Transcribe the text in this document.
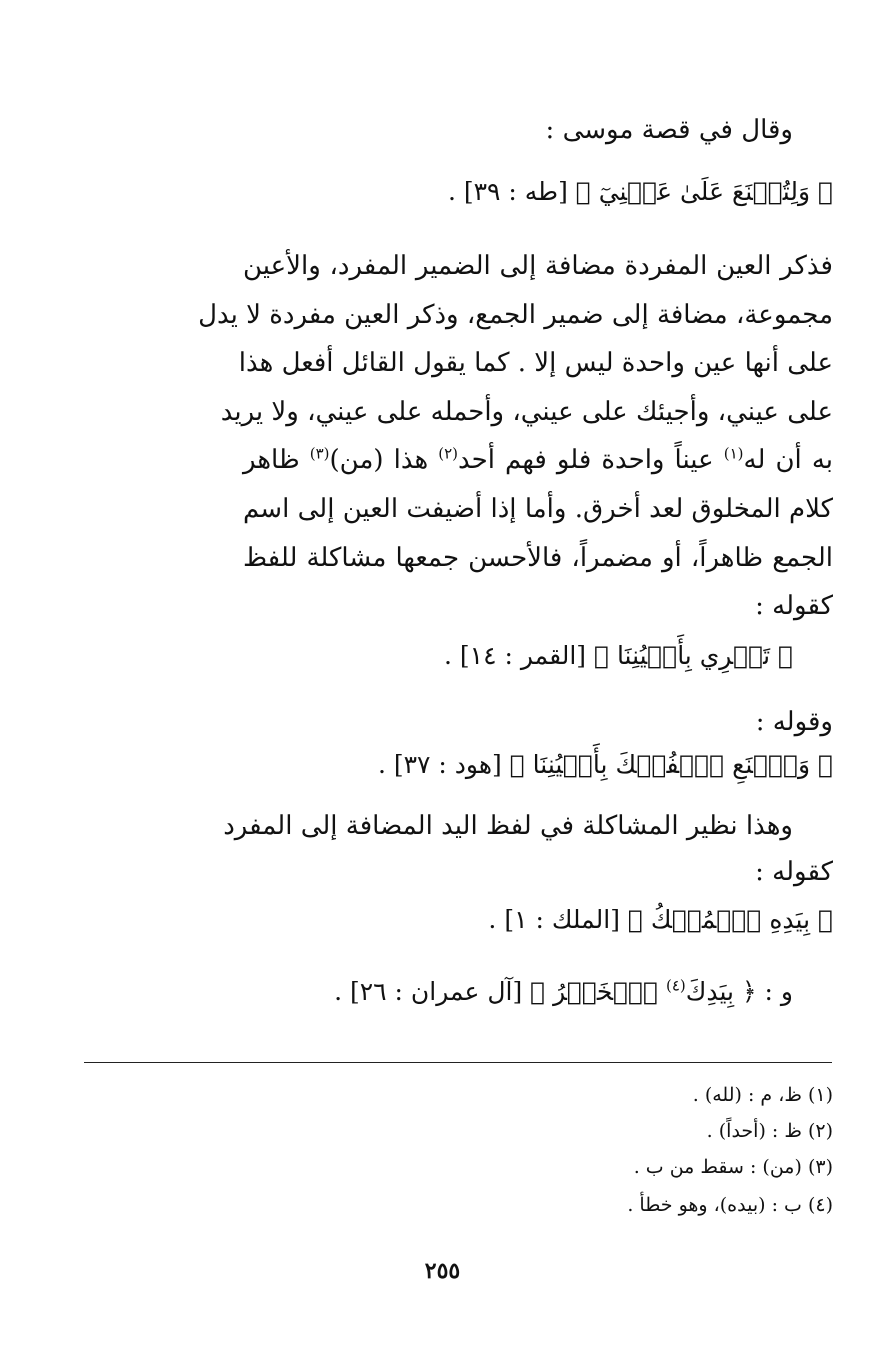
وقال في قصة موسى :
﴿ وَلِتُصۡنَعَ عَلَىٰ عَيۡنِيٓ ﴾ [طه : ٣٩] .
فذكر العين المفردة مضافة إلى الضمير المفرد، والأعين
مجموعة، مضافة إلى ضمير الجمع، وذكر العين مفردة لا يدل
على أنها عين واحدة ليس إلا . كما يقول القائل أفعل هذا
على عيني، وأجيئك على عيني، وأحمله على عيني، ولا يريد
به أن له$^{(١)}$ عيناً واحدة فلو فهم أحد$^{(٢)}$ هذا (من)$^{(٣)}$ ظاهر
كلام المخلوق لعد أخرق. وأما إذا أضيفت العين إلى اسم
الجمع ظاهراً، أو مضمراً، فالأحسن جمعها مشاكلة للفظ
كقوله :
﴿ تَجۡرِي بِأَعۡيُنِنَا ﴾ [القمر : ١٤] .
وقوله :
﴿ وَٱصۡنَعِ ٱلۡفُلۡكَ بِأَعۡيُنِنَا ﴾ [هود : ٣٧] .
وهذا نظير المشاكلة في لفظ اليد المضافة إلى المفرد
كقوله :
﴿ بِيَدِهِ ٱلۡمُلۡكُ ﴾ [الملك : ١] .
و : ﴿ بِيَدِكَ$^{(٤)}$ ٱلۡخَيۡرُ ﴾ [آل عمران : ٢٦] .
(١) ظ، م : (لله) .
(٢) ظ : (أحداً) .
(٣) (من) : سقط من ب .
(٤) ب : (بيده)، وهو خطأ .
٢٥٥
